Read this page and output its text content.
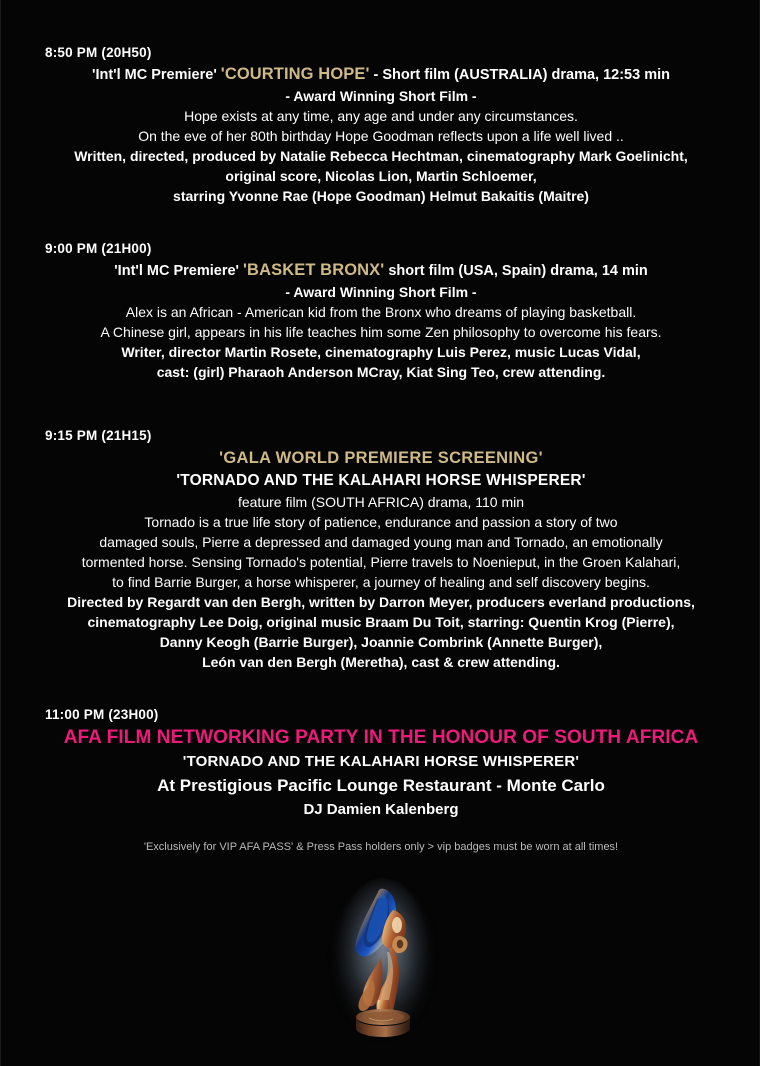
8:50 PM (20H50)
'Int'l MC Premiere' 'COURTING HOPE' - Short film (AUSTRALIA) drama, 12:53 min
- Award Winning Short Film -
Hope exists at any time, any age and under any circumstances.
On the eve of her 80th birthday Hope Goodman reflects upon a life well lived ..
Written, directed, produced by Natalie Rebecca Hechtman, cinematography Mark Goelinicht,
original score, Nicolas Lion, Martin Schloemer,
starring Yvonne Rae (Hope Goodman) Helmut Bakaitis (Maitre)
9:00 PM (21H00)
'Int'l MC Premiere' 'BASKET BRONX' short film (USA, Spain) drama, 14 min
- Award Winning Short Film -
Alex is an African - American kid from the Bronx who dreams of playing basketball.
A Chinese girl, appears in his life teaches him some Zen philosophy to overcome his fears.
Writer, director Martin Rosete, cinematography Luis Perez, music Lucas Vidal,
cast: (girl) Pharaoh Anderson MCray, Kiat Sing Teo, crew attending.
9:15 PM (21H15)
'GALA WORLD PREMIERE SCREENING'
'TORNADO AND THE KALAHARI HORSE WHISPERER'
feature film (SOUTH AFRICA) drama, 110 min
Tornado is a true life story of patience, endurance and passion a story of two
damaged souls, Pierre a depressed and damaged young man and Tornado, an emotionally
tormented horse. Sensing Tornado's potential, Pierre travels to Noenieput, in the Groen Kalahari,
to find Barrie Burger, a horse whisperer, a journey of healing and self discovery begins.
Directed by Regardt van den Bergh, written by Darron Meyer, producers everland productions,
cinematography Lee Doig, original music Braam Du Toit, starring: Quentin Krog (Pierre),
Danny Keogh (Barrie Burger), Joannie Combrink (Annette Burger),
León van den Bergh (Meretha), cast & crew attending.
11:00 PM (23H00)
AFA FILM NETWORKING PARTY IN THE HONOUR OF SOUTH AFRICA
'TORNADO AND THE KALAHARI HORSE WHISPERER'
At Prestigious Pacific Lounge Restaurant - Monte Carlo
DJ Damien Kalenberg
'Exclusively for VIP AFA PASS' & Press Pass holders only > vip badges must be worn at all times!
